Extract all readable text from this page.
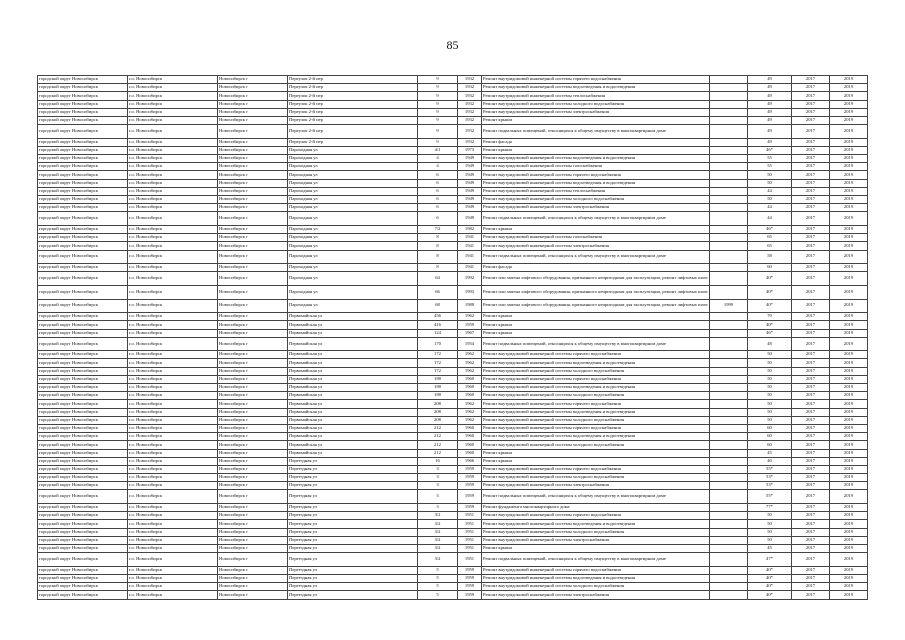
85
городской округ Новосибирск	г.о. Новосибирск	Новосибирск г	Переулок 2-й пер	9	1932	Ремонт внутридомовой инженерной системы горячего водоснабжения		49	2017	2019
городской округ Новосибирск	г.о. Новосибирск	Новосибирск г	Переулок 2-й пер	9	1932	Ремонт внутридомовой инженерной системы водоотведения и водоотведения		49	2017	2019
городской округ Новосибирск	г.о. Новосибирск	Новосибирск г	Переулок 2-й пер	9	1932	Ремонт внутридомовой инженерной системы теплоснабжения		49	2017	2019
городской округ Новосибирск	г.о. Новосибирск	Новосибирск г	Переулок 2-й пер	9	1932	Ремонт внутридомовой инженерной системы холодного водоснабжения		49	2017	2019
городской округ Новосибирск	г.о. Новосибирск	Новосибирск г	Переулок 2-й пер	9	1932	Ремонт внутридомовой инженерной системы электроснабжения		49	2017	2019
городской округ Новосибирск	г.о. Новосибирск	Новосибирск г	Переулок 2-й пер	9	1932	Ремонт крыши		49	2017	2019
городской округ Новосибирск	г.о. Новосибирск	Новосибирск г	Переулок 2-й пер	9	1932	Ремонт подвальных помещений, относящихся к общему имуществу в многоквартирном доме		49	2017	2019
городской округ Новосибирск	г.о. Новосибирск	Новосибирск г	Переулок 2-й пер	9	1932	Ремонт фасада		49	2017	2019
городской округ Новосибирск	г.о. Новосибирск	Новосибирск г	Пароходная ул	4/1	1973	Ремонт крыши		46*	2017	2019
городской округ Новосибирск	г.о. Новосибирск	Новосибирск г	Пароходная ул	4	1949	Ремонт внутридомовой инженерной системы водоотведения и водоотведения		55	2017	2019
городской округ Новосибирск	г.о. Новосибирск	Новосибирск г	Пароходная ул	4	1949	Ремонт внутридомовой инженерной системы газоснабжения		55	2017	2019
городской округ Новосибирск	г.о. Новосибирск	Новосибирск г	Пароходная ул	6	1949	Ремонт внутридомовой инженерной системы горячего водоснабжения		50	2017	2019
городской округ Новосибирск	г.о. Новосибирск	Новосибирск г	Пароходная ул	6	1949	Ремонт внутридомовой инженерной системы водоотведения и водоотведения		50	2017	2019
городской округ Новосибирск	г.о. Новосибирск	Новосибирск г	Пароходная ул	6	1949	Ремонт внутридомовой инженерной системы теплоснабжения		44	2017	2019
городской округ Новосибирск	г.о. Новосибирск	Новосибирск г	Пароходная ул	6	1949	Ремонт внутридомовой инженерной системы холодного водоснабжения		50	2017	2019
городской округ Новосибирск	г.о. Новосибирск	Новосибирск г	Пароходная ул	6	1949	Ремонт внутридомовой инженерной системы электроснабжения		44	2017	2019
городской округ Новосибирск	г.о. Новосибирск	Новосибирск г	Пароходная ул	6	1949	Ремонт подвальных помещений, относящихся к общему имуществу в многоквартирном доме		44	2017	2019
городской округ Новосибирск	г.о. Новосибирск	Новосибирск г	Пароходная ул	7/2	1982	Ремонт крыши		46*	2017	2019
городской округ Новосибирск	г.о. Новосибирск	Новосибирск г	Пароходная ул	8	1941	Ремонт внутридомовой инженерной системы газоснабжения		65	2017	2019
городской округ Новосибирск	г.о. Новосибирск	Новосибирск г	Пароходная ул	8	1941	Ремонт внутридомовой инженерной системы электроснабжения		65	2017	2019
городской округ Новосибирск	г.о. Новосибирск	Новосибирск г	Пароходная ул	8	1941	Ремонт подвальных помещений, относящихся к общему имуществу в многоквартирном доме		58	2017	2019
городской округ Новосибирск	г.о. Новосибирск	Новосибирск г	Пароходная ул	8	1941	Ремонт фасада		60	2017	2019
городской округ Новосибирск	г.о. Новосибирск	Новосибирск г	Пароходная ул	64	1992	Ремонт или замена лифтового оборудования, признанного непригодным для эксплуатации, ремонт лифтовых шахт		40*	2017	2019
городской округ Новосибирск	г.о. Новосибирск	Новосибирск г	Пароходная ул	66	1993	Ремонт или замена лифтового оборудования, признанного непригодным для эксплуатации, ремонт лифтовых шахт		40*	2017	2019
городской округ Новосибирск	г.о. Новосибирск	Новосибирск г	Пароходная ул	68	1988	Ремонт или замена лифтового оборудования, признанного непригодным для эксплуатации, ремонт лифтовых шахт	1999	40*	2017	2019
городской округ Новосибирск	г.о. Новосибирск	Новосибирск г	Первомайская ул	456	1962	Ремонт крыши		70	2017	2019
городской округ Новосибирск	г.о. Новосибирск	Новосибирск г	Первомайская ул	416	1959	Ремонт крыши		40*	2017	2019
городской округ Новосибирск	г.о. Новосибирск	Новосибирск г	Первомайская ул	124	1967	Ремонт крыши		46*	2017	2019
городской округ Новосибирск	г.о. Новосибирск	Новосибирск г	Первомайская ул	170	1954	Ремонт подвальных помещений, относящихся к общему имуществу в многоквартирном доме		48	2017	2019
городской округ Новосибирск	г.о. Новосибирск	Новосибирск г	Первомайская ул	172	1962	Ремонт внутридомовой инженерной системы горячего водоснабжения		50	2017	2019
городской округ Новосибирск	г.о. Новосибирск	Новосибирск г	Первомайская ул	172	1962	Ремонт внутридомовой инженерной системы водоотведения и водоотведения		50	2017	2019
городской округ Новосибирск	г.о. Новосибирск	Новосибирск г	Первомайская ул	172	1962	Ремонт внутридомовой инженерной системы холодного водоснабжения		50	2017	2019
городской округ Новосибирск	г.о. Новосибирск	Новосибирск г	Первомайская ул	188	1960	Ремонт внутридомовой инженерной системы горячего водоснабжения		50	2017	2019
городской округ Новосибирск	г.о. Новосибирск	Новосибирск г	Первомайская ул	188	1960	Ремонт внутридомовой инженерной системы водоотведения и водоотведения		50	2017	2019
городской округ Новосибирск	г.о. Новосибирск	Новосибирск г	Первомайская ул	188	1960	Ремонт внутридомовой инженерной системы холодного водоснабжения		50	2017	2019
городской округ Новосибирск	г.о. Новосибирск	Новосибирск г	Первомайская ул	208	1962	Ремонт внутридомовой инженерной системы горячего водоснабжения		50	2017	2019
городской округ Новосибирск	г.о. Новосибирск	Новосибирск г	Первомайская ул	208	1962	Ремонт внутридомовой инженерной системы водоотведения и водоотведения		50	2017	2019
городской округ Новосибирск	г.о. Новосибирск	Новосибирск г	Первомайская ул	208	1962	Ремонт внутридомовой инженерной системы холодного водоснабжения		50	2017	2019
городской округ Новосибирск	г.о. Новосибирск	Новосибирск г	Первомайская ул	212	1960	Ремонт внутридомовой инженерной системы горячего водоснабжения		60	2017	2019
городской округ Новосибирск	г.о. Новосибирск	Новосибирск г	Первомайская ул	212	1960	Ремонт внутридомовой инженерной системы водоотведения и водоотведения		60	2017	2019
городской округ Новосибирск	г.о. Новосибирск	Новосибирск г	Первомайская ул	212	1960	Ремонт внутридомовой инженерной системы холодного водоснабжения		60	2017	2019
городской округ Новосибирск	г.о. Новосибирск	Новосибирск г	Первомайская ул	212	1960	Ремонт крыши		45	2017	2019
городской округ Новосибирск	г.о. Новосибирск	Новосибирск г	Переездная ул	16	1966	Ремонт крыши		40	2017	2019
городской округ Новосибирск	г.о. Новосибирск	Новосибирск г	Переездная ул	3	1959	Ремонт внутридомовой инженерной системы горячего водоснабжения		55*	2017	2019
городской округ Новосибирск	г.о. Новосибирск	Новосибирск г	Переездная ул	3	1959	Ремонт внутридомовой инженерной системы холодного водоснабжения		53*	2017	2019
городской округ Новосибирск	г.о. Новосибирск	Новосибирск г	Переездная ул	3	1959	Ремонт внутридомовой инженерной системы электроснабжения		53*	2017	2019
городской округ Новосибирск	г.о. Новосибирск	Новосибирск г	Переездная ул	3	1959	Ремонт подвальных помещений, относящихся к общему имуществу в многоквартирном доме		55*	2017	2019
городской округ Новосибирск	г.о. Новосибирск	Новосибирск г	Переездная ул	3	1959	Ремонт фундамента многоквартирного дома		77*	2017	2019
городской округ Новосибирск	г.о. Новосибирск	Новосибирск г	Переездная ул	3/2	1951	Ремонт внутридомовой инженерной системы горячего водоснабжения		50	2017	2019
городской округ Новосибирск	г.о. Новосибирск	Новосибирск г	Переездная ул	3/2	1951	Ремонт внутридомовой инженерной системы водоотведения и водоотведения		50	2017	2019
городской округ Новосибирск	г.о. Новосибирск	Новосибирск г	Переездная ул	3/2	1951	Ремонт внутридомовой инженерной системы холодного водоснабжения		50	2017	2019
городской округ Новосибирск	г.о. Новосибирск	Новосибирск г	Переездная ул	3/2	1951	Ремонт внутридомовой инженерной системы электроснабжения		50	2017	2019
городской округ Новосибирск	г.о. Новосибирск	Новосибирск г	Переездная ул	3/2	1951	Ремонт крыши		45	2017	2019
городской округ Новосибирск	г.о. Новосибирск	Новосибирск г	Переездная ул	3/2	1951	Ремонт подвальных помещений, относящихся к общему имуществу в многоквартирном доме		47*	2017	2019
городской округ Новосибирск	г.о. Новосибирск	Новосибирск г	Переездная ул	5	1959	Ремонт внутридомовой инженерной системы горячего водоснабжения		40*	2017	2019
городской округ Новосибирск	г.о. Новосибирск	Новосибирск г	Переездная ул	5	1959	Ремонт внутридомовой инженерной системы водоотведения и водоотведения		40*	2017	2019
городской округ Новосибирск	г.о. Новосибирск	Новосибирск г	Переездная ул	5	1959	Ремонт внутридомовой инженерной системы холодного водоснабжения		40*	2017	2019
городской округ Новосибирск	г.о. Новосибирск	Новосибирск г	Переездная ул	5	1959	Ремонт внутридомовой инженерной системы электроснабжения		40*	2017	2019
